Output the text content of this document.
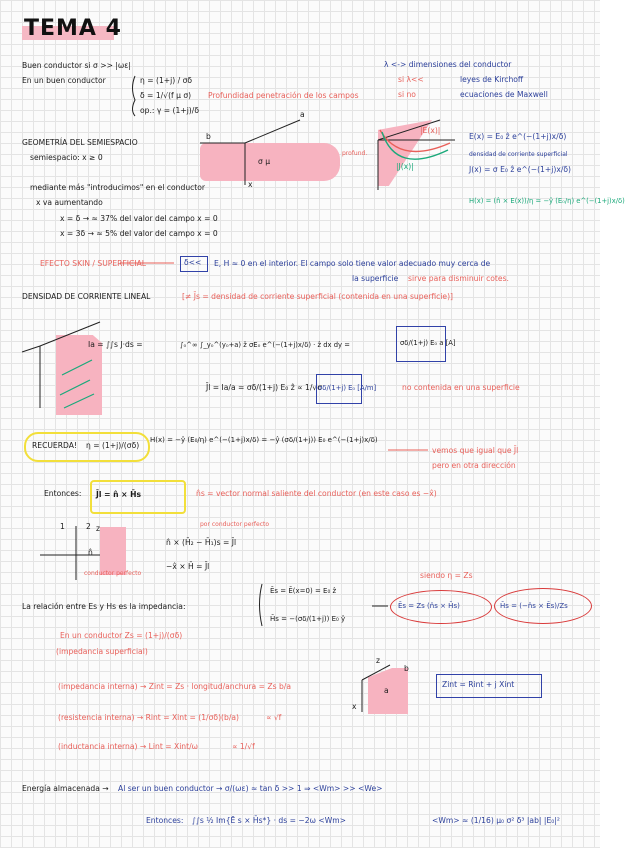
TEMA 4
Buen conductor si σ >> |ωε|
En un buen conductor	η = (1+j) / σδ
δ = 1/√(f μ σ) Profundidad penetración de los campos
op.: γ = (1+j)/δ
λ <-> dimensiones del conductor
si λ<<	leyes de Kirchoff
si no	ecuaciones de Maxwell
GEOMETRÍA DEL SEMIESPACIO
semiespacio: x ≥ 0	σ μ
b
a
x
profund.
|E(x)|
|J(x)|
E(x) = E₀ ẑ e^(−(1+j)x/δ)
densidad de corriente superficial
J(x) = σ E₀ ẑ e^(−(1+j)x/δ)
H(x) = (n̂ × E(x))/η = −ŷ (E₀/η) e^(−(1+j)x/δ)
mediante más "introducimos" en el conductor
x va aumentando
x = δ → ≈ 37% del valor del campo x = 0
x = 3δ → ≈ 5% del valor del campo x = 0
EFECTO SKIN / SUPERFICIAL	δ<< E, H ≈ 0 en el interior. El campo solo tiene valor adecuado muy cerca de
la superficie sirve para disminuir cotes.
DENSIDAD DE CORRIENTE LINEAL	[≠ J̄s = densidad de corriente superficial (contenida en una superficie)]
Ia = ∫∫s J·ds =	∫₀^∞ ∫_y₀^(y₀+a) ẑ σE₀ e^(−(1+j)x/δ) · ẑ dx dy =	σδ/(1+j) E₀ a [A]
J̄l = Ia/a = σδ/(1+j) E₀ ẑ ∝ 1/√σ
σδ/(1+j) E₀ [A/m]	no contenida en una superficie
RECUERDA! η = (1+j)/(σδ)
H(x) = −ŷ (E₀/η) e^(−(1+j)x/δ) = −ŷ (σδ/(1+j)) E₀ e^(−(1+j)x/δ)
vemos que igual que J̄l
pero en otra dirección
Entonces: J̄l = n̂ × H̄s	n̂s = vector normal saliente del conductor (en este caso es −x̂)
1	2 z
n̂
conductor perfecto
por conductor perfecto
n̂ × (H̄₂ − H̄₁)s = J̄l
−x̂ × H̄ = J̄l
La relación entre Es y Hs es la impedancia:
Ēs = Ē(x=0) = E₀ ẑ
H̄s = −(σδ/(1+j)) E₀ ŷ
siendo η = Zs
Ēs = Zs (n̂s × H̄s)	H̄s = (−n̂s × Ēs)/Zs
En un conductor Zs = (1+j)/(σδ)
(impedancia superficial)
(impedancia interna) → Zint = Zs · longitud/anchura = Zs b/a
(resistencia interna) → Rint = Xint = (1/σδ)(b/a)	∝ √f
(inductancia interna) → Lint = Xint/ω	∝ 1/√f
z
b
a
x
Zint = Rint + j Xint
Energía almacenada → Al ser un buen conductor → σ/(ωε) ≈ tan δ >> 1 ⇒ <Wm> >> <We>
Entonces: ∫∫s ½ Im{Ē s × H̄s*} · ds = −2ω <Wm>	<Wm> ≈ (1/16) μ₀ σ² δ³ |ab| |E₀|²
